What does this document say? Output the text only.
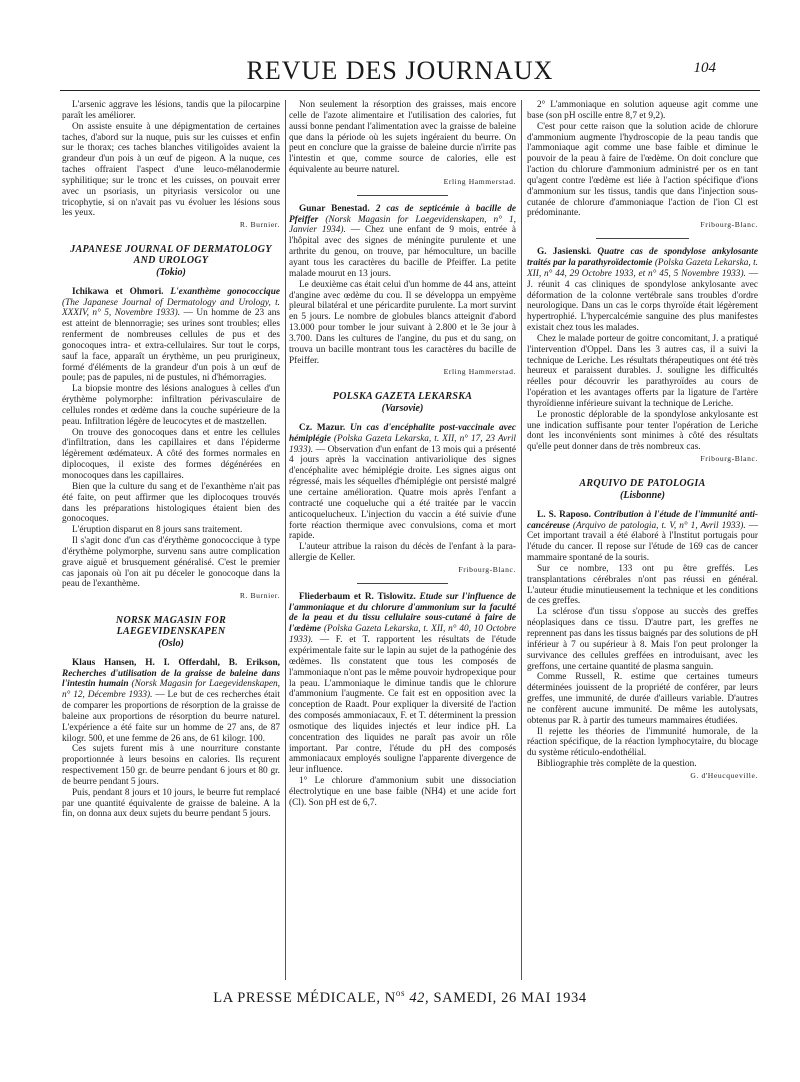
REVUE DES JOURNAUX	104

L'arsenic aggrave les lésions, tandis que la pilocarpine paraît les améliorer.

On assiste ensuite à une dépigmentation de certaines taches, d'abord sur la nuque, puis sur les cuisses et enfin sur le thorax; ces taches blanches vitiligoïdes avaient la grandeur d'un pois à un œuf de pigeon. A la nuque, ces taches offraient l'aspect d'une leuco-mélanodermie syphilitique; sur le tronc et les cuisses, on pouvait errer avec un psoriasis, un pityriasis versicolor ou une tricophytie, si on n'avait pas vu évoluer les lésions sous les yeux.

R. Burnier.
JAPANESE JOURNAL OF DERMATOLOGY AND UROLOGY
(Tokio)

Ichikawa et Ohmori. L'exanthème gonococcique (The Japanese Journal of Dermatology and Urology, t. XXXIV, n° 5, Novembre 1933). — Un homme de 23 ans est atteint de blennorragie; ses urines sont troubles; elles renferment de nombreuses cellules de pus et des gonocoques intra- et extra-cellulaires. Sur tout le corps, sauf la face, apparaît un érythème, un peu prurigineux, formé d'éléments de la grandeur d'un pois à un œuf de poule; pas de papules, ni de pustules, ni d'hémorragies.

La biopsie montre des lésions analogues à celles d'un érythème polymorphe: infiltration périvasculaire de cellules rondes et œdème dans la couche supérieure de la peau. Infiltration légère de leucocytes et de mastzellen.

On trouve des gonocoques dans et entre les cellules d'infiltration, dans les capillaires et dans l'épiderme légèrement œdémateux. A côté des formes normales en diplocoques, il existe des formes dégénérées en monocoques dans les capillaires.

Bien que la culture du sang et de l'exanthème n'ait pas été faite, on peut affirmer que les diplocoques trouvés dans les préparations histologiques étaient bien des gonocoques.

L'éruption disparut en 8 jours sans traitement.

Il s'agit donc d'un cas d'érythème gonococcique à type d'érythème polymorphe, survenu sans autre complication grave aiguë et brusquement généralisé. C'est le premier cas japonais où l'on ait pu déceler le gonocoque dans la peau de l'exanthème.

R. Burnier.
NORSK MAGASIN FOR LAEGEVIDENSKAPEN
(Oslo)

Klaus Hansen, H. I. Offerdahl, B. Erikson, Recherches d'utilisation de la graisse de baleine dans l'intestin humain (Norsk Magasin for Laegevidenskapen, n° 12, Décembre 1933). — Le but de ces recherches était de comparer les proportions de résorption de la graisse de baleine aux proportions de résorption du beurre naturel. L'expérience a été faite sur un homme de 27 ans, de 87 kilogr. 500, et une femme de 26 ans, de 61 kilogr. 100.

Ces sujets furent mis à une nourriture constante proportionnée à leurs besoins en calories. Ils reçurent respectivement 150 gr. de beurre pendant 6 jours et 80 gr. de beurre pendant 5 jours.

Puis, pendant 8 jours et 10 jours, le beurre fut remplacé par une quantité équivalente de graisse de baleine. A la fin, on donna aux deux sujets du beurre pendant 5 jours.

Non seulement la résorption des graisses, mais encore celle de l'azote alimentaire et l'utilisation des calories, fut aussi bonne pendant l'alimentation avec la graisse de baleine que dans la période où les sujets ingéraient du beurre. On peut en conclure que la graisse de baleine durcie n'irrite pas l'intestin et que, comme source de calories, elle est équivalente au beurre naturel.

Erling Hammerstad.

Gunar Benestad. 2 cas de septicémie à bacille de Pfeiffer (Norsk Magasin for Laegevidenskapen, n° 1, Janvier 1934). — Chez une enfant de 9 mois, entrée à l'hôpital avec des signes de méningite purulente et une arthrite du genou, on trouve, par hémoculture, un bacille ayant tous les caractères du bacille de Pfeiffer. La petite malade mourut en 13 jours.

Le deuxième cas était celui d'un homme de 44 ans, atteint d'angine avec œdème du cou. Il se développa un empyème pleural bilatéral et une péricardite purulente. La mort survint en 5 jours. Le nombre de globules blancs atteignit d'abord 13.000 pour tomber le jour suivant à 2.800 et le 3e jour à 3.700. Dans les cultures de l'angine, du pus et du sang, on trouva un bacille montrant tous les caractères du bacille de Pfeiffer.

Erling Hammerstad.
POLSKA GAZETA LEKARSKA
(Varsovie)

Cz. Mazur. Un cas d'encéphalite post-vaccinale avec hémiplégie (Polska Gazeta Lekarska, t. XII, n° 17, 23 Avril 1933). — Observation d'un enfant de 13 mois qui a présenté 4 jours après la vaccination antivariolique des signes d'encéphalite avec hémiplégie droite. Les signes aigus ont régressé, mais les séquelles d'hémiplégie ont persisté malgré une certaine amélioration. Quatre mois après l'enfant a contracté une coqueluche qui a été traitée par le vaccin anticoquelucheux. L'injection du vaccin a été suivie d'une forte réaction thermique avec convulsions, coma et mort rapide.

L'auteur attribue la raison du décès de l'enfant à la para-allergie de Keller.

Fribourg-Blanc.

Fliederbaum et R. Tislowitz. Etude sur l'influence de l'ammoniaque et du chlorure d'ammonium sur la faculté de la peau et du tissu cellulaire sous-cutané à faire de l'œdème (Polska Gazeta Lekarska, t. XII, n° 40, 10 Octobre 1933). — F. et T. rapportent les résultats de l'étude expérimentale faite sur le lapin au sujet de la pathogénie des œdèmes. Ils constatent que tous les composés de l'ammoniaque n'ont pas le même pouvoir hydropexique pour la peau. L'ammoniaque le diminue tandis que le chlorure d'ammonium l'augmente. Ce fait est en opposition avec la conception de Raadt. Pour expliquer la diversité de l'action des composés ammoniacaux, F. et T. déterminent la pression osmotique des liquides injectés et leur indice pH. La concentration des liquides ne paraît pas avoir un rôle important. Par contre, l'étude du pH des composés ammoniacaux employés souligne l'apparente divergence de leur influence.

1° Le chlorure d'ammonium subit une dissociation électrolytique en une base faible (NH4) et une acide fort (Cl). Son pH est de 6,7.

2° L'ammoniaque en solution aqueuse agit comme une base (son pH oscille entre 8,7 et 9,2).

C'est pour cette raison que la solution acide de chlorure d'ammonium augmente l'hydroscopie de la peau tandis que l'ammoniaque agit comme une base faible et diminue le pouvoir de la peau à faire de l'œdème. On doit conclure que l'action du chlorure d'ammonium administré per os en tant qu'agent contre l'œdème est liée à l'action spécifique d'ions d'ammonium sur les tissus, tandis que dans l'injection sous-cutanée de chlorure d'ammoniaque l'action de l'ion Cl est prédominante.

Fribourg-Blanc.

G. Jasienski. Quatre cas de spondylose ankylosante traités par la parathyroïdectomie (Polska Gazeta Lekarska, t. XII, n° 44, 29 Octobre 1933, et n° 45, 5 Novembre 1933). — J. réunit 4 cas cliniques de spondylose ankylosante avec déformation de la colonne vertébrale sans troubles d'ordre neurologique. Dans un cas le corps thyroïde était légèrement hypertrophié. L'hypercalcémie sanguine des plus manifestes existait chez tous les malades.

Chez le malade porteur de goitre concomitant, J. a pratiqué l'intervention d'Oppel. Dans les 3 autres cas, il a suivi la technique de Leriche. Les résultats thérapeutiques ont été très heureux et paraissent durables. J. souligne les difficultés réelles pour découvrir les parathyroïdes au cours de l'opération et les avantages offerts par la ligature de l'artère thyroïdienne inférieure suivant la technique de Leriche.

Le pronostic déplorable de la spondylose ankylosante est une indication suffisante pour tenter l'opération de Leriche dont les inconvénients sont minimes à côté des résultats qu'elle peut donner dans de très nombreux cas.

Fribourg-Blanc.
ARQUIVO DE PATOLOGIA
(Lisbonne)

L. S. Raposo. Contribution à l'étude de l'immunité anti-cancéreuse (Arquivo de patologia, t. V, n° 1, Avril 1933). — Cet important travail a été élaboré à l'Institut portugais pour l'étude du cancer. Il repose sur l'étude de 169 cas de cancer mammaire spontané de la souris.

Sur ce nombre, 133 ont pu être greffés. Les transplantations cérébrales n'ont pas réussi en général. L'auteur étudie minutieusement la technique et les conditions de ces greffes.

La sclérose d'un tissu s'oppose au succès des greffes néoplasiques dans ce tissu. D'autre part, les greffes ne reprennent pas dans les tissus baignés par des solutions de pH inférieur à 7 ou supérieur à 8. Mais l'on peut prolonger la survivance des cellules greffées en introduisant, avec les greffons, une certaine quantité de plasma sanguin.

Comme Russell, R. estime que certaines tumeurs déterminées jouissent de la propriété de conférer, par leurs greffes, une immunité, de durée d'ailleurs variable. D'autres ne confèrent aucune immunité. De même les autolysats, obtenus par R. à partir des tumeurs mammaires étudiées.

Il rejette les théories de l'immunité humorale, de la réaction spécifique, de la réaction lymphocytaire, du blocage du système réticulo-endothélial.

Bibliographie très complète de la question.

G. d'Heucqueville.
LA PRESSE MÉDICALE, $N^{os}$ 42, SAMEDI, 26 MAI 1934
